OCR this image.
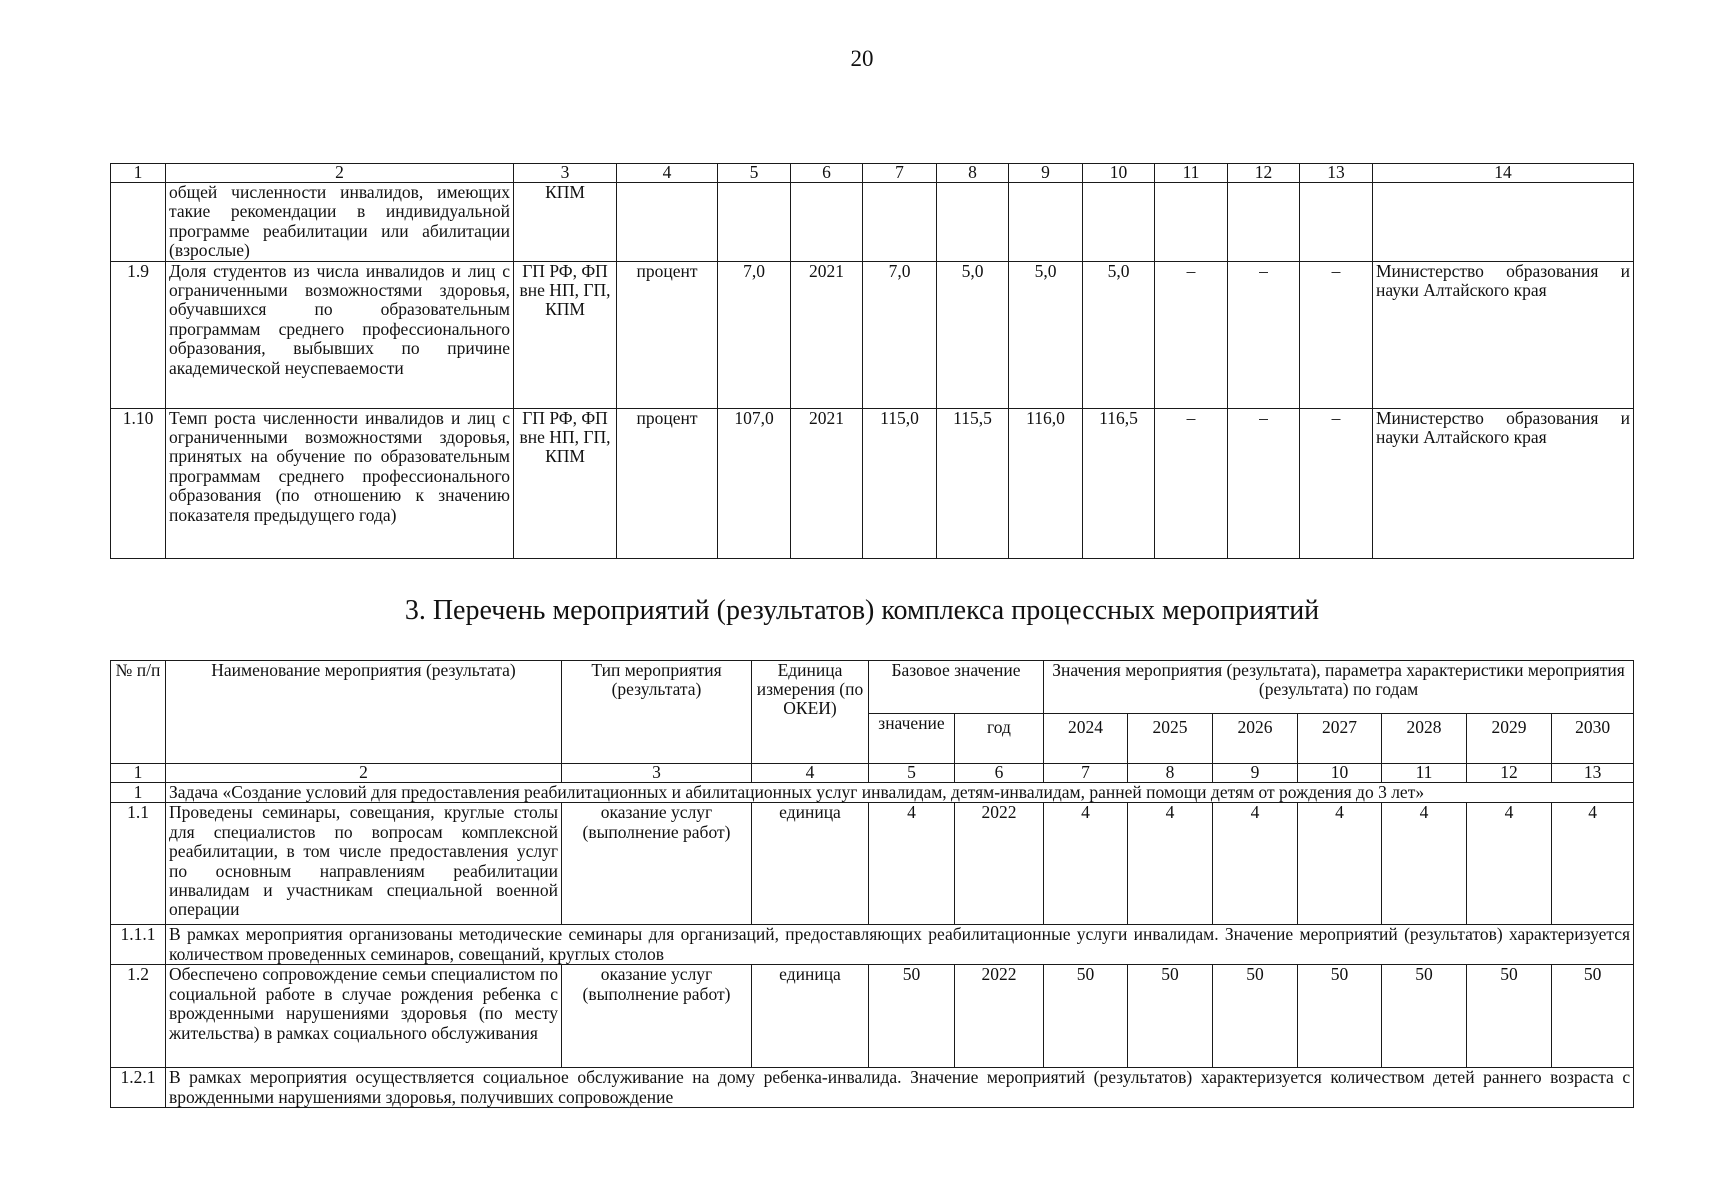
20
1	2	3	4	5	6	7	8	9	10	11	12	13	14
	общей численности инвалидов, имеющих такие рекомендации в индивидуальной программе реабилитации или абилитации (взрослые)	КПМ											
1.9	Доля студентов из числа инвалидов и лиц с ограниченными возможностями здоровья, обучавшихся по образовательным программам среднего профессионального образования, выбывших по причине академической неуспеваемости	ГП РФ, ФП вне НП, ГП, КПМ	процент	7,0	2021	7,0	5,0	5,0	5,0	–	–	–	Министерство образования и науки Алтайского края
1.10	Темп роста численности инвалидов и лиц с ограниченными возможностями здоровья, принятых на обучение по образовательным программам среднего профессионального образования (по отношению к значению показателя предыдущего года)	ГП РФ, ФП вне НП, ГП, КПМ	процент	107,0	2021	115,0	115,5	116,0	116,5	–	–	–	Министерство образования и науки Алтайского края
3. Перечень мероприятий (результатов) комплекса процессных мероприятий
№ п/п	Наименование мероприятия (результата)	Тип мероприятия (результата)	Единица измерения (по ОКЕИ)	Базовое значение		Значения мероприятия (результата), параметра характеристики мероприятия (результата) по годам						
				значение	год	2024	2025	2026	2027	2028	2029	2030
1	2	3	4	5	6	7	8	9	10	11	12	13
1	Задача «Создание условий для предоставления реабилитационных и абилитационных услуг инвалидам, детям-инвалидам, ранней помощи детям от рождения до 3 лет»											
1.1	Проведены семинары, совещания, круглые столы для специалистов по вопросам комплексной реабилитации, в том числе предоставления услуг по основным направлениям реабилитации инвалидам и участникам специальной военной операции	оказание услуг (выполнение работ)	единица	4	2022	4	4	4	4	4	4	4
1.1.1	В рамках мероприятия организованы методические семинары для организаций, предоставляющих реабилитационные услуги инвалидам. Значение мероприятий (результатов) характеризуется количеством проведенных семинаров, совещаний, круглых столов											
1.2	Обеспечено сопровождение семьи специалистом по социальной работе в случае рождения ребенка с врожденными нарушениями здоровья (по месту жительства) в рамках социального обслуживания	оказание услуг (выполнение работ)	единица	50	2022	50	50	50	50	50	50	50
1.2.1	В рамках мероприятия осуществляется социальное обслуживание на дому ребенка-инвалида. Значение мероприятий (результатов) характеризуется количеством детей раннего возраста с врожденными нарушениями здоровья, получивших сопровождение											
